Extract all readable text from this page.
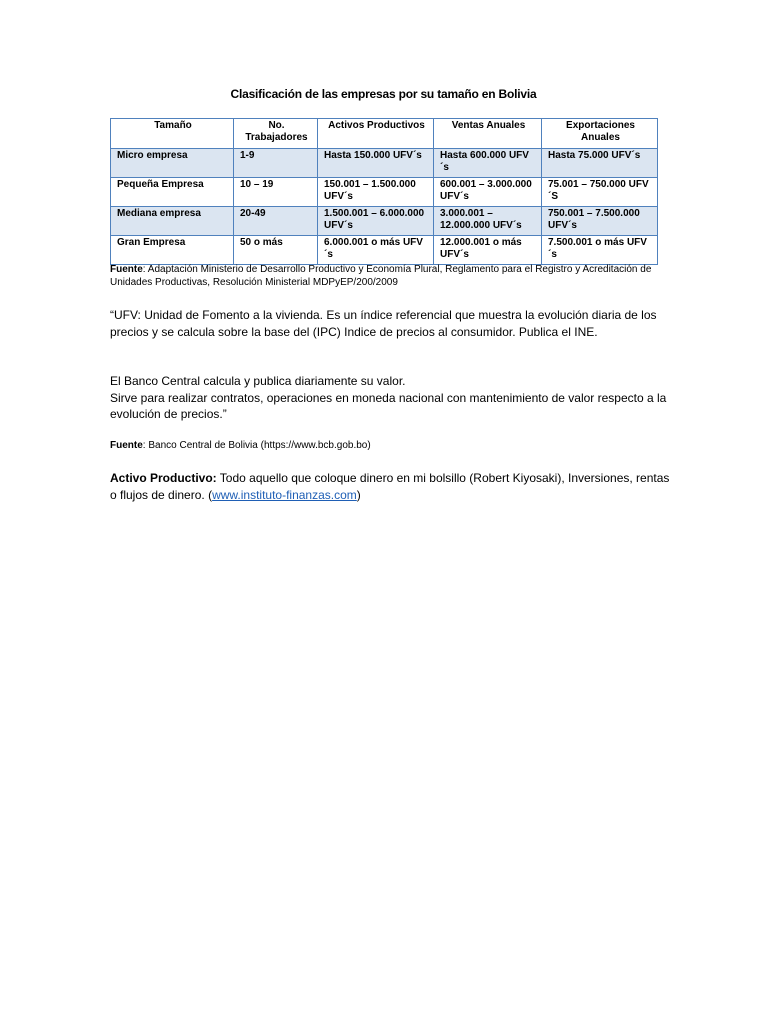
Clasificación de las empresas por su tamaño en Bolivia
Tamaño	No. Trabajadores	Activos Productivos	Ventas Anuales	Exportaciones Anuales
Micro empresa	1-9	Hasta 150.000 UFV´s	Hasta 600.000 UFV ´s	Hasta 75.000 UFV´s
Pequeña Empresa	10 – 19	150.001 – 1.500.000 UFV´s	600.001 – 3.000.000 UFV´s	75.001 – 750.000 UFV´S
Mediana empresa	20-49	1.500.001 – 6.000.000 UFV´s	3.000.001 – 12.000.000 UFV´s	750.001 – 7.500.000 UFV´s
Gran Empresa	50 o más	6.000.001 o más UFV ´s	12.000.001 o más UFV´s	7.500.001 o más UFV ´s
Fuente: Adaptación Ministerio de Desarrollo Productivo y Economía Plural, Reglamento para el Registro y Acreditación de Unidades Productivas, Resolución Ministerial MDPyEP/200/2009
“UFV: Unidad de Fomento a la vivienda. Es un índice referencial que muestra la evolución diaria de los precios y se calcula sobre la base del (IPC) Indice de precios al consumidor. Publica el INE.
El Banco Central calcula y publica diariamente su valor.
Sirve para realizar contratos, operaciones en moneda nacional con mantenimiento de valor respecto a la evolución de precios.”
Fuente: Banco Central de Bolivia (https://www.bcb.gob.bo)
Activo Productivo: Todo aquello que coloque dinero en mi bolsillo (Robert Kiyosaki), Inversiones, rentas o flujos de dinero. (www.instituto-finanzas.com)
